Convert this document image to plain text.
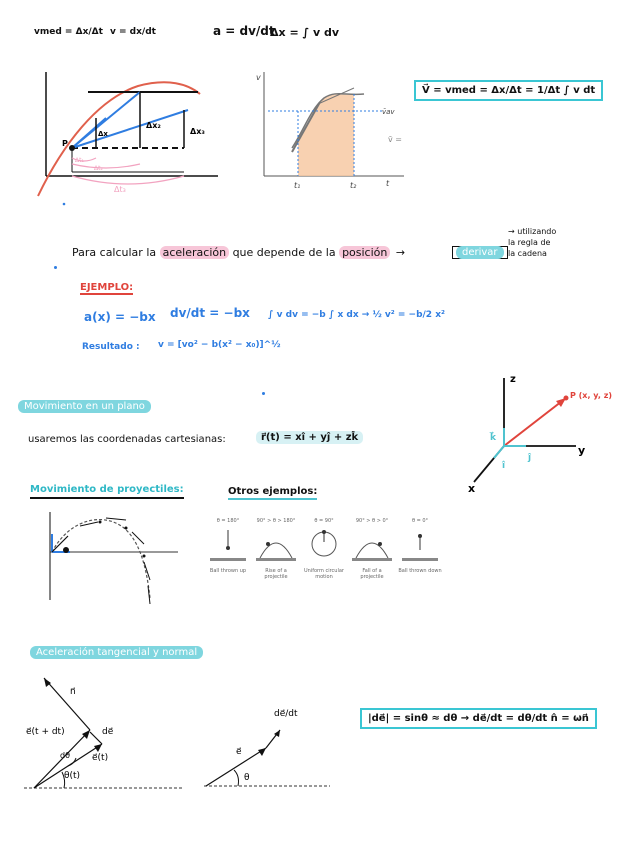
vmed = Δx/Δt v = dx/dt	a = dv/dt
Δx = ∫ v dv
P
Δx
Δx₂
Δx₃
Δt₁
Δt₂
Δt₃
v
v̄av
v̄ =
t₁	t₂	t
V⃗ = vmed = Δx/Δt = 1/Δt ∫ v dt
Para calcular la aceleración que depende de la posición →	derivar
→ utilizando
la regla de
la cadena
EJEMPLO:
a(x) = −bx dv/dt = −bx ∫ v dv = −b ∫ x dx → ½ v² = −b/2 x²
Resultado : v = [vo² − b(x² − x₀)]^½
Movimiento en un plano
usaremos las coordenadas cartesianas:	r⃗(t) = xî + yĵ + zk̂
z
y
x
P (x, y, z)
k⃗
ĵ
î
Movimiento de proyectiles:	Otros ejemplos:
θ = 180°
Ball thrown up
90° > θ > 180°
Rise of a projectile
θ = 90°
Uniform circular motion
90° > θ > 0°
Fall of a projectile
θ = 0°
Ball thrown down
Aceleración tangencial y normal
n⃗
e⃗(t + dt)	de⃗
dθ e⃗(t)
θ(t)
de⃗/dt
e⃗
θ
|de⃗| = sinθ ≈ dθ → de⃗/dt = dθ/dt n̂ = ωn⃗
